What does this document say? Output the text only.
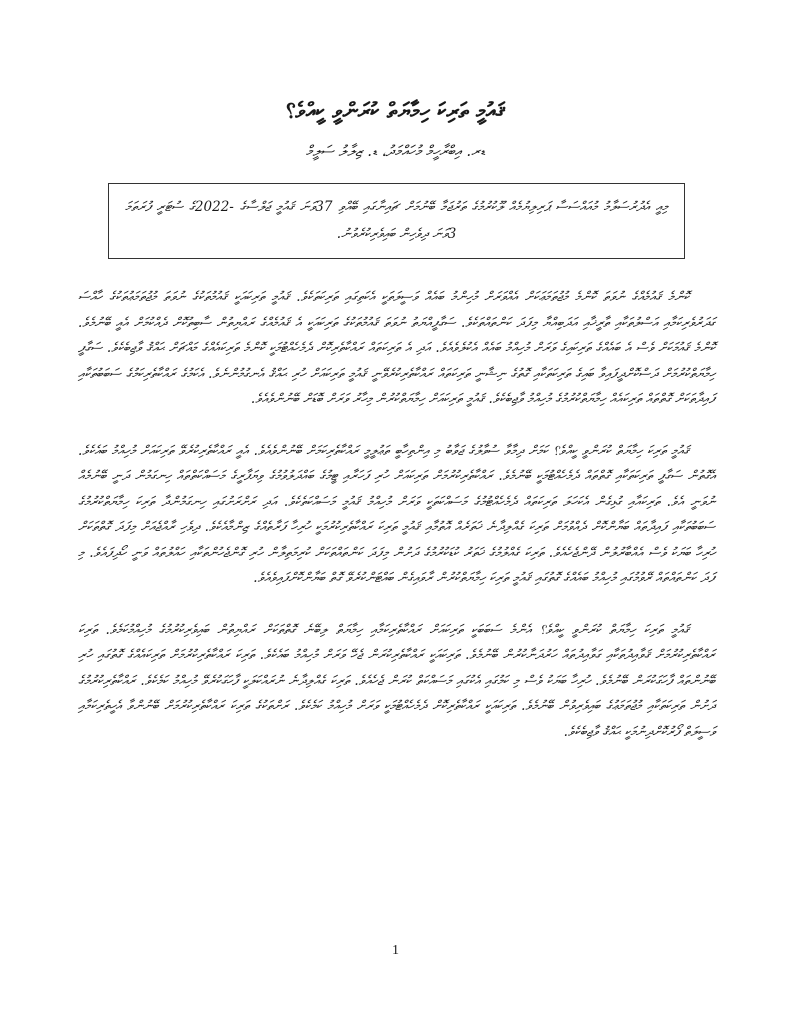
ޤައުމީ ތަރިކަ ހިމާޔަތް ކުރަންވީ ކީއްވެ؟

ޑރ. އިބްރާހީމް މުހައްމަދު، ޑ. ޒިލާލު ސަލީމް

މިއީ އެދުރުސަލާމު މުއައްސަސާ ޕަރިލިޔުމެއް ލޫކުރުމުގެ ތަރުޖަމާ ބޭނުމަށް ޗައިނާގައި ބޭއްވި 37ވަނަ ޤައުމީ ޖަލްސާގެ -2022ގެ ސުޓަރީ ފުރަތަމަ 3ވަނަ ދިވެހިން ބައިވެރިކުރެވުނު.

ކޮންމެ ޤައުމެއްގެ ނުވަތަ ކޮންމެ މުޖުތަމަޢަކަށް އެއްވަރަށް މުހިންމު ބައެއް ވަސީލަތަކީ އެކަތިގައި ތަރިކަތަކެވެ. ޤައުމީ ތަރިކައަކީ ޤައުމުތަކުގެ ނުވަތަ މުޖުތަމަޢުތަކުގެ ހާއްސަ ގަދަރުވެރިކަމާއި އަސްލުތަކާއި ތާރީޚާއި އަދަބިއްޔާ މިފަދަ ކަންތައްތަކެވެ. ސަގާފީއްޔަތު ނުވަތަ ޤައުމުތަކުގެ ތަރިކައަކީ އެ ޤައުމެއްގެ ރައްޔިތުން ސާބިތުކޮށް ދެއްކުމަށް އެއީ ބޭނުމެވެ. ކޮންމެ ޤައުމަކަށް ވެސް އެ ބައެއްގެ ތަރިކައިގެ ވަރަށް މުހިއްމު ބައެއް އެކުލެވެއެވެ. އަދި އެ ތަރިކަތައް ރައްކާތެރިކޮށް ދެމެހެއްޓުމަކީ ކޮންމެ ތަރިކައެއްގެ މައްޗަށް ޙައްޤު ވާޖިބެކެވެ. ސަގާފީ ހިމާޔަތްކުރުމަށް ދަސްކޮށްދީފައިވާ ބައިގެ ތަރިކަތަކާއި ގޮތުގެ ނިޝާނީ ތަރިކަތައް ރައްކާތެރިކުރެވޭނީ ޤައުމީ ތަރިކައަށް ހުރި ޙައްޤު އެނގުމުންނެވެ. އެކަމުގެ ރައްކާތެރިކަމުގެ ސަބަބުތަކާއި ފައިދާތަކަށް ގޮތްތައް ތަރިކައެއް ހިމާޔަތްކުރުމުގެ މުހިއްމު ވާޖިބެކެވެ. ޤައުމީ ތަރިކައަށް ހިމާޔަތްކުރުން މިހާރު ވަރަށް ބޮޑަށް ބޭނުންވެއެވެ.

ޤައުމީ ތަރިކަ ހިމާޔަތް ކުރަންވީ ކީއްވެ؟ ކަމަށް ދިމާވާ ސުވާލުގެ ޖަވާބު މި އިންތިހާބީ ތަޢުލީމީ ރައްކާތެރިކަމަށް ބޭނުންވެއެވެ. އެއީ ރައްކާތެރިކުރެވޭ ތަރިކައަށް މުހިއްމު ބައެކެވެ. އެގޮތުން ސަގާފީ ތަރިކަތަކާއި ގޮތްތައް ދެމެހެއްޓުމަކީ ބޭނުމެވެ. ރައްކާތެރިކުރުމަށް ތަރިކައަށް ހުރި ފަހަރާއި ޓީމުގެ ބައްދަލުވުމުގެ ވިޔަފާރީގެ މަސައްކަތްތައް ހިނގަމުން ދަނީ ބޭނުމެއް ނުވަނީ އެވެ. ތަރިކައާއި ގުޅިގެން އެކަހަލަ ތަރިކަތައް ދެމެހެއްޓުމުގެ މަސައްކަތަކީ ވަރަށް މުހިއްމު ޤައުމީ މަސައްކަތެކެވެ. އަދި ރަށްރަށުގައި ހިނގަމުންދާ ތަރިކަ ހިމާޔަތްކުރުމުގެ ސަބަބުތަކާއި ފައިދާތައް ބަޔާންކޮށް ދެއްވުމަށް ތަރިކަ ގެއްލިދާނެ ޚަތަރެއް އޮތުމާއި ޤައުމީ ތަރިކަ ރައްކާތެރިކުރުމަކީ ހުރިހާ ފަރާތެއްގެ ޒިންމާއެކެވެ. ދިވެހި ރާއްޖެއަށް މިފަދަ ގޮތްތަކަށް ހުރިހާ ބަޔަކު ވެސް އެއްބާރުލުން ދޭންޖެހެއެވެ. ތަރިކަ ގެއްލުމުގެ ޚަތަރު ކުޑަކުރުމުގެ ދަށުން މިފަދަ ކަންތައްތަކަށް ކުރިމަތިލާން ހުރި ގޮންޖެހުންތަކާއި ހައްލުތައް ވަނީ ހޯދިފައެވެ. މި ފަދަ ކަންތައްތައް ރޭވުމުގައި މުހިއްމު ބައެއްގެ ގޮތުގައި ޤައުމީ ތަރިކަ ހިމާޔަތްކުރުން ރާވައިގެން ބައްޓަންކުރެވޭ ގޮތް ބަޔާންކޮށްފައިވެއެވެ.

ޤައުމީ ތަރިކަ ހިމާޔަތް ކުރަންވީ ކީއްވެ؟ އެންމެ ސަބަބަކީ ތަރިކައަށް ރައްކާތެރިކަމާއި ހިމާޔަތް ލިބޭނެ ގޮތްތަކަށް ރައްޔިތުން ބައިވެރިކުރުމުގެ މުހިއްމުކަމެވެ. ތަރިކަ ރައްކާތެރިކުރުމަށް ޤަވާއިދުތަކާއި ގަވާއިދުތައް ހަރުދަނާކުރުން ބޭނުމެވެ. ތަރިކައަކީ ރައްކާތެރިކުރަން ޖެހޭ ވަރަށް މުހިއްމު ބައެކެވެ. ތަރިކަ ރައްކާތެރިކުރުމަށް ތަރިކައެއްގެ ގޮތުގައި ހުރި ބޭނުންތައް ފާހަގަކުރަން ބޭނުމެވެ. ހުރިހާ ބަޔަކު ވެސް މި ކަމުގައި އެކުގައި މަސައްކަތް ކުރަން ޖެހެއެވެ. ތަރިކަ ގެއްލިދާނެ ނުރައްކަލަކީ ފާހަގަކުރެވޭ މުހިއްމު ކަމެކެވެ. ރައްކާތެރިކުރުމުގެ ދަށުން ތަރިކަތަކާއި މުޖުތަމަޢުގެ ބައިވެރިވުން ބޭނުމެވެ. ތަރިކައަކީ ރައްކާތެރިކޮށް ދެމެހެއްޓުމަކީ ވަރަށް މުހިއްމު ކަމެކެވެ. ރަށްތަކުގެ ތަރިކަ ރައްކާތެރިކުރުމަށް ބޭނުންވާ އެހީތެރިކަމާއި ވަސީލަތް ފޯރުކޮށްދިނުމަކީ ޙައްޤު ވާޖިބެކެވެ.

1
